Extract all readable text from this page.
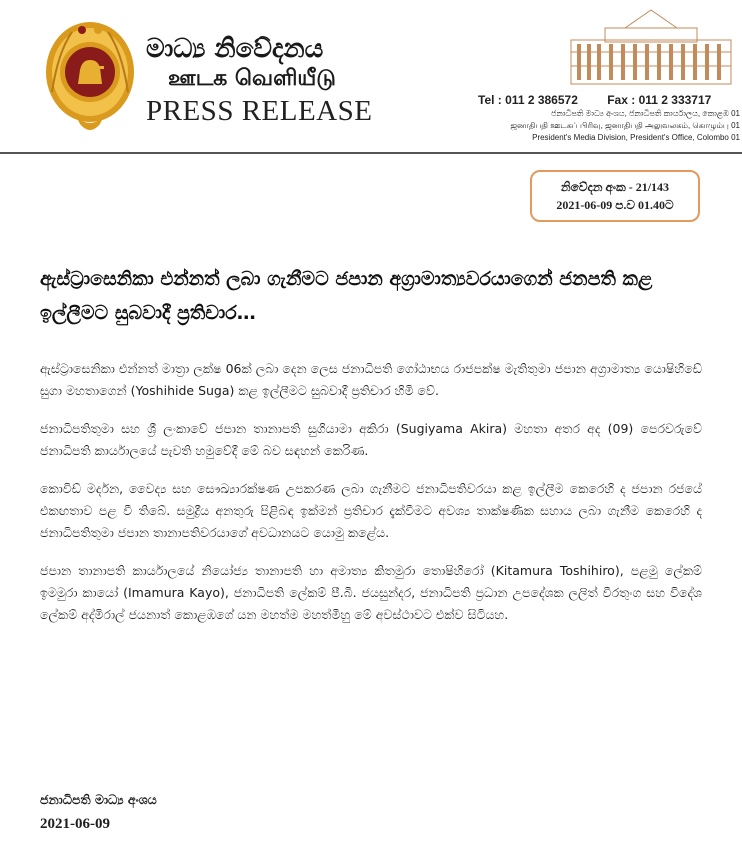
මාධ්‍ය නිවේදනය
ஊடக வெளியீடு
PRESS RELEASE	Tel : 011 2 386572 Fax : 011 2 333717
ජනාධිපති මාධ්‍ය අංශය, ජනාධිපති කාර්යාලය, කොළඹ 01
ஜனாதிபதி ஊடகப் பிரிவு, ஜனாதிபதி அலுவலகம், கொழும்பு 01
President's Media Division, President's Office, Colombo 01
නිවේදන අංක - 21/143
2021-06-09 ප.ව 01.40ට
ඇස්ට්‍රාසෙනිකා එන්නත් ලබා ගැනීමට ජපාන අග්‍රාමාත්‍යවරයාගෙන් ජනපති කළ ඉල්ලීමට සුබවාදී ප්‍රතිචාර…

ඇස්ට්‍රාසෙනිකා එන්නත් මාත්‍රා ලක්ෂ 06ක් ලබා දෙන ලෙස ජනාධිපති ගෝඨාභය රාජපක්ෂ මැතිතුමා ජපාන අග්‍රාමාත්‍ය යොෂිහිඩේ සුගා මහතාගෙන් (Yoshihide Suga) කළ ඉල්ලීමට සුබවාදී ප්‍රතිචාර හිමි වේ.

ජනාධිපතිතුමා සහ ශ්‍රී ලංකාවේ ජපාන තානාපති සුගියාමා අකිරා (Sugiyama Akira) මහතා අතර අද (09) පෙරවරුවේ ජනාධිපති කාර්යාලයේ පැවති හමුවේදී මේ බව සඳහන් කෙරිණ.

කොවිඩ් මර්දන, වෛද්‍ය සහ සෞඛ්‍යාරක්ෂණ උපකරණ ලබා ගැනීමට ජනාධිපතිවරයා කළ ඉල්ලීම කෙරෙහි ද ජපාන රජයේ එකඟතාව පළ වී තිබේ. සමුද්‍රීය අනතුරු පිළිබඳ ඉක්මන් ප්‍රතිචාර දැක්වීමට අවශ්‍ය තාක්ෂණික සහාය ලබා ගැනීම කෙරෙහි ද ජනාධිපතිතුමා ජපාන තානාපතිවරයාගේ අවධානයට යොමු කළේය.

ජපාන තානාපති කාර්යාලයේ නියෝජ්‍ය තානාපති හා අමාත්‍ය කිතමුරා තොෂිහිරෝ (Kitamura Toshihiro), පළමු ලේකම් ඉමමුරා කායෝ (Imamura Kayo), ජනාධිපති ලේකම් පී.බී. ජයසුන්දර, ජනාධිපති ප්‍රධාන උපදේශක ලලිත් වීරතුංග සහ විදේශ ලේකම් අද්මිරාල් ජයනාත් කොළඹගේ යන මහත්ම මහත්මීහු මේ අවස්ථාවට එක්ව සිටියහ.

ජනාධිපති මාධ්‍ය අංශය
2021-06-09
